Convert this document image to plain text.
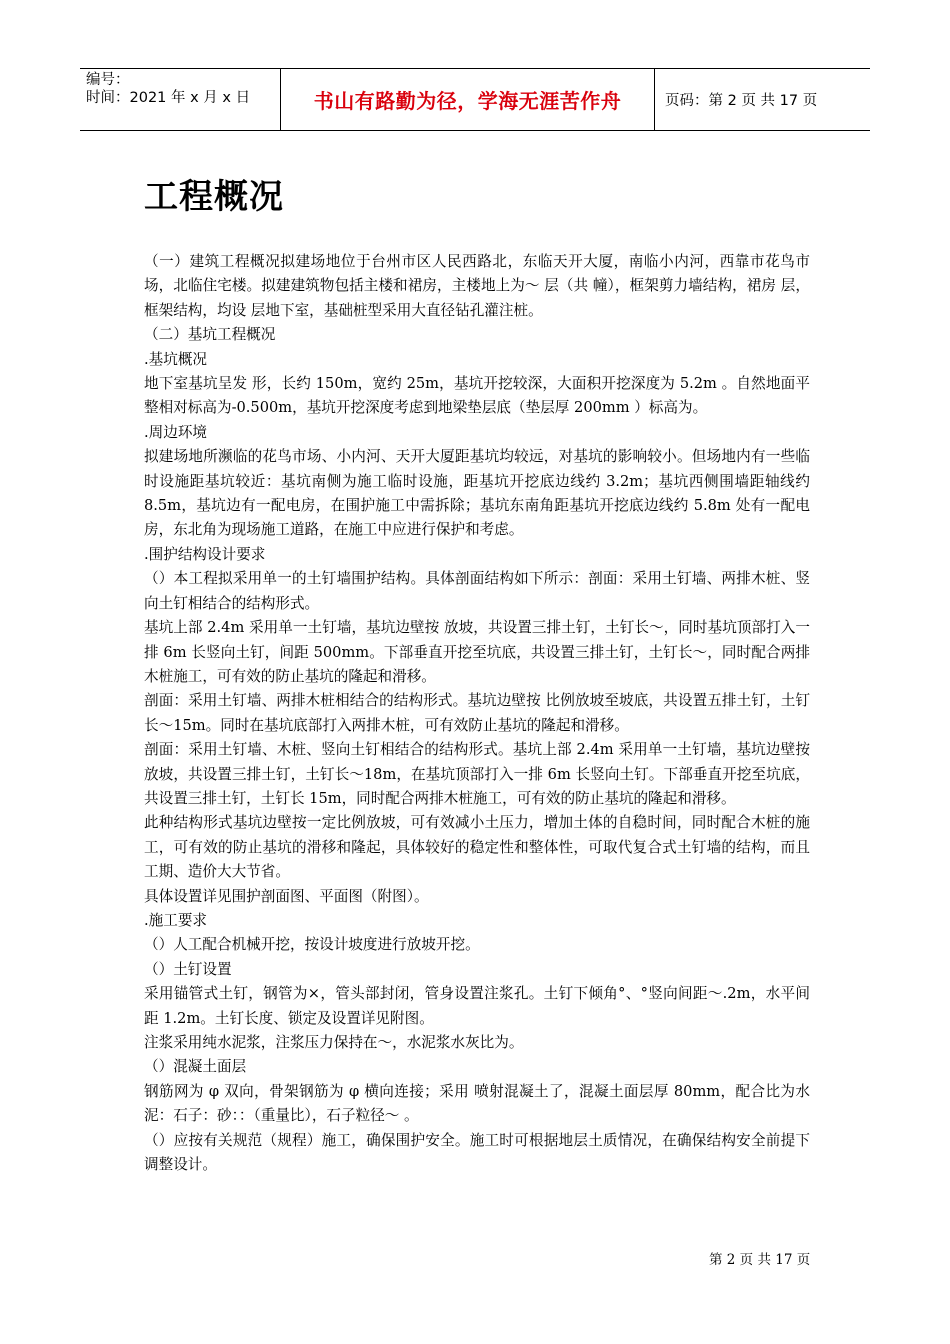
编号：
时间：2021 年 x 月 x 日	书山有路勤为径，学海无涯苦作舟	页码：第 2 页 共 17 页
工程概况

（一）建筑工程概况拟建场地位于台州市区人民西路北，东临天开大厦，南临小内河，西靠市花鸟市场，北临住宅楼。拟建建筑物包括主楼和裙房，主楼地上为～ 层（共 幢），框架剪力墙结构，裙房 层，框架结构，均设 层地下室，基础桩型采用大直径钻孔灌注桩。

（二）基坑工程概况

.基坑概况

地下室基坑呈发 形，长约 150m，宽约 25m，基坑开挖较深，大面积开挖深度为 5.2m 。自然地面平整相对标高为-0.500m，基坑开挖深度考虑到地梁垫层底（垫层厚 200mm ）标高为。

.周边环境

拟建场地所濒临的花鸟市场、小内河、天开大厦距基坑均较远，对基坑的影响较小。但场地内有一些临时设施距基坑较近：基坑南侧为施工临时设施，距基坑开挖底边线约 3.2m；基坑西侧围墙距轴线约 8.5m，基坑边有一配电房，在围护施工中需拆除；基坑东南角距基坑开挖底边线约 5.8m 处有一配电房，东北角为现场施工道路，在施工中应进行保护和考虑。

.围护结构设计要求

（）本工程拟采用单一的土钉墙围护结构。具体剖面结构如下所示：剖面：采用土钉墙、两排木桩、竖向土钉相结合的结构形式。

基坑上部 2.4m 采用单一土钉墙，基坑边壁按 放坡，共设置三排土钉，土钉长～，同时基坑顶部打入一排 6m 长竖向土钉，间距 500mm。下部垂直开挖至坑底，共设置三排土钉，土钉长～，同时配合两排木桩施工，可有效的防止基坑的隆起和滑移。

剖面：采用土钉墙、两排木桩相结合的结构形式。基坑边壁按 比例放坡至坡底，共设置五排土钉，土钉长～15m。同时在基坑底部打入两排木桩，可有效防止基坑的隆起和滑移。

剖面：采用土钉墙、木桩、竖向土钉相结合的结构形式。基坑上部 2.4m 采用单一土钉墙，基坑边壁按 放坡，共设置三排土钉，土钉长～18m，在基坑顶部打入一排 6m 长竖向土钉。下部垂直开挖至坑底，共设置三排土钉，土钉长 15m，同时配合两排木桩施工，可有效的防止基坑的隆起和滑移。

此种结构形式基坑边壁按一定比例放坡，可有效减小土压力，增加土体的自稳时间，同时配合木桩的施工，可有效的防止基坑的滑移和隆起，具体较好的稳定性和整体性，可取代复合式土钉墙的结构，而且工期、造价大大节省。

具体设置详见围护剖面图、平面图（附图）。

.施工要求

（）人工配合机械开挖，按设计坡度进行放坡开挖。

（）土钉设置

采用锚管式土钉，钢管为×，管头部封闭，管身设置注浆孔。土钉下倾角°、°竖向间距～.2m，水平间距 1.2m。土钉长度、锁定及设置详见附图。

注浆采用纯水泥浆，注浆压力保持在～，水泥浆水灰比为。

（）混凝土面层

钢筋网为 φ 双向，骨架钢筋为 φ 横向连接；采用 喷射混凝土了，混凝土面层厚 80mm，配合比为水泥：石子：砂：：（重量比），石子粒径～ 。

（）应按有关规范（规程）施工，确保围护安全。施工时可根据地层土质情况，在确保结构安全前提下调整设计。

第 2 页 共 17 页
